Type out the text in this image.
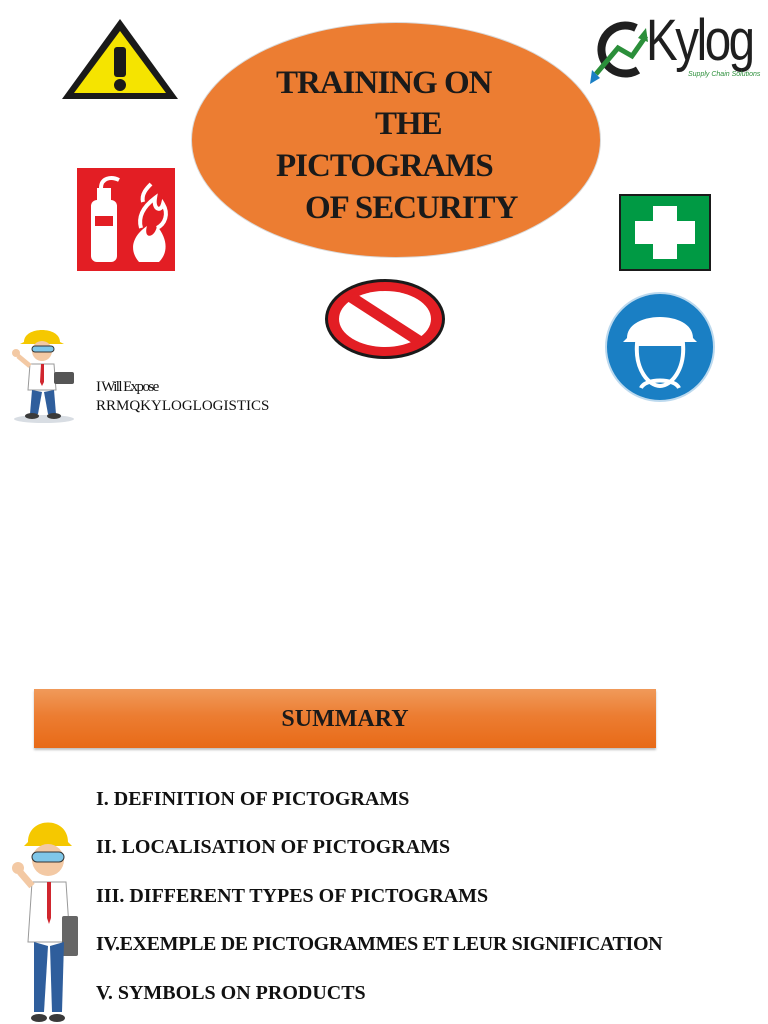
TRAINING ON
THE
PICTOGRAMS
OF SECURITY
Kylog
Supply Chain Solutions
I Will Expose
RRMQKYLOGLOGISTICS
SUMMARY
I. DEFINITION OF PICTOGRAMS
II. LOCALISATION OF PICTOGRAMS
III. DIFFERENT TYPES OF PICTOGRAMS
IV.EXEMPLE DE PICTOGRAMMES ET LEUR SIGNIFICATION
V. SYMBOLS ON PRODUCTS
